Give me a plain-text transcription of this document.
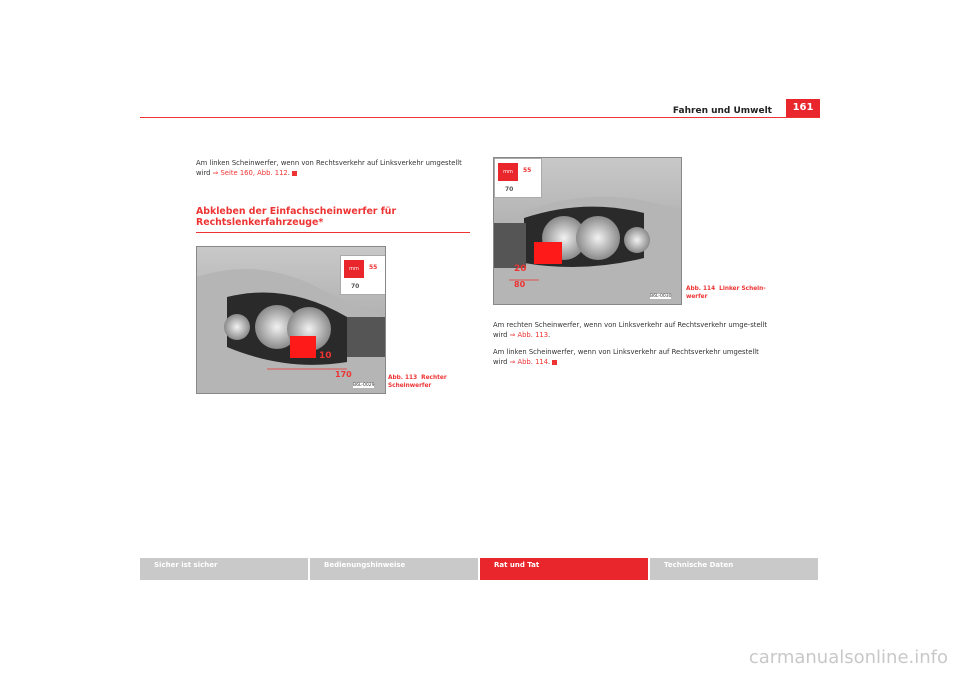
Fahren und Umwelt	161
Am linken Scheinwerfer, wenn von Rechtsverkehr auf Linksverkehr umgestellt wird ⇒ Seite 160, Abb. 112.
Abkleben der Einfachscheinwerfer für Rechtslenkerfahrzeuge*
mm	55
70
10
170
B6L-0029
Abb. 113 Rechter Scheinwerfer
mm	55
70
20
80
B6L-0030
Abb. 114 Linker Schein-werfer
Am rechten Scheinwerfer, wenn von Linksverkehr auf Rechtsverkehr umge-stellt wird ⇒ Abb. 113.
Am linken Scheinwerfer, wenn von Linksverkehr auf Rechtsverkehr umgestellt wird ⇒ Abb. 114.
Sicher ist sicher	Bedienungshinweise	Rat und Tat	Technische Daten
carmanualsonline.info
